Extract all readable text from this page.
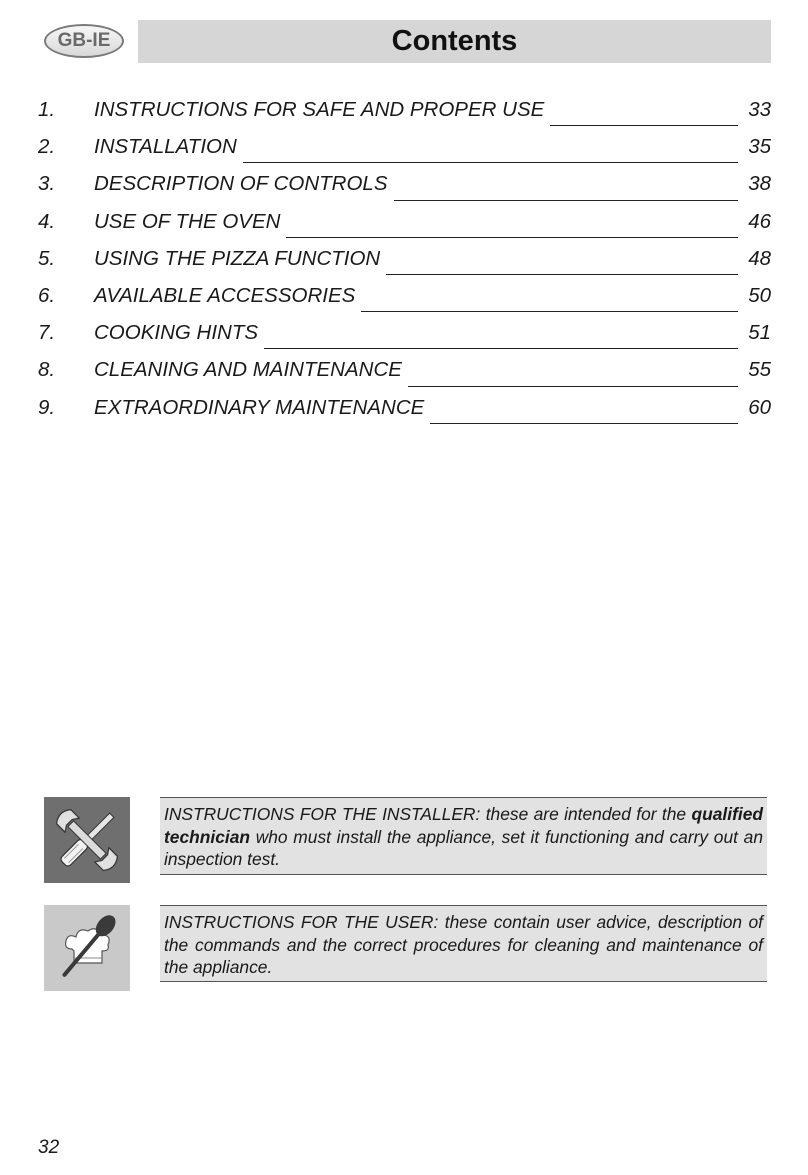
GB-IE	Contents
1.	INSTRUCTIONS FOR SAFE AND PROPER USE	33
2.	INSTALLATION	35
3.	DESCRIPTION OF CONTROLS	38
4.	USE OF THE OVEN	46
5.	USING THE PIZZA FUNCTION	48
6.	AVAILABLE ACCESSORIES	50
7.	COOKING HINTS	51
8.	CLEANING AND MAINTENANCE	55
9.	EXTRAORDINARY MAINTENANCE	60
INSTRUCTIONS FOR THE INSTALLER: these are intended for the qualified technician who must install the appliance, set it functioning and carry out an inspection test.
INSTRUCTIONS FOR THE USER: these contain user advice, description of the commands and the correct procedures for cleaning and maintenance of the appliance.
32
